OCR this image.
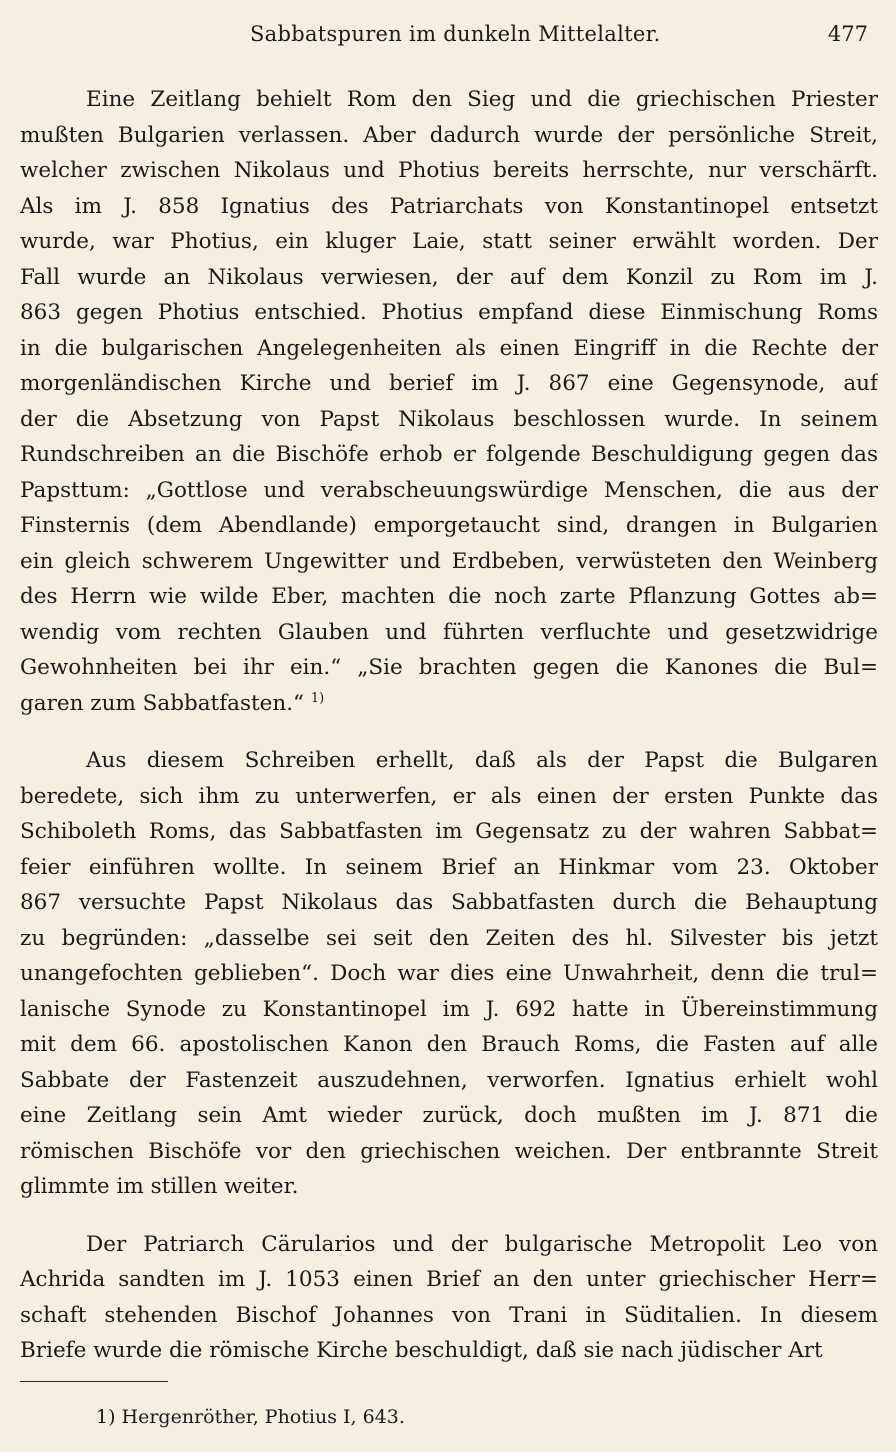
Sabbatspuren im dunkeln Mittelalter.	477
Eine Zeitlang behielt Rom den Sieg und die griechischen Priester
mußten Bulgarien verlassen. Aber dadurch wurde der persönliche Streit,
welcher zwischen Nikolaus und Photius bereits herrschte, nur verschärft.
Als im J. 858 Ignatius des Patriarchats von Konstantinopel entsetzt
wurde, war Photius, ein kluger Laie, statt seiner erwählt worden. Der
Fall wurde an Nikolaus verwiesen, der auf dem Konzil zu Rom im J.
863 gegen Photius entschied. Photius empfand diese Einmischung Roms
in die bulgarischen Angelegenheiten als einen Eingriff in die Rechte der
morgenländischen Kirche und berief im J. 867 eine Gegensynode, auf
der die Absetzung von Papst Nikolaus beschlossen wurde. In seinem
Rundschreiben an die Bischöfe erhob er folgende Beschuldigung gegen das
Papsttum: „Gottlose und verabscheuungswürdige Menschen, die aus der
Finsternis (dem Abendlande) emporgetaucht sind, drangen in Bulgarien
ein gleich schwerem Ungewitter und Erdbeben, verwüsteten den Weinberg
des Herrn wie wilde Eber, machten die noch zarte Pflanzung Gottes ab=
wendig vom rechten Glauben und führten verfluchte und gesetzwidrige
Gewohnheiten bei ihr ein.“ „Sie brachten gegen die Kanones die Bul=
garen zum Sabbatfasten.“ $^{1)}$
Aus diesem Schreiben erhellt, daß als der Papst die Bulgaren
beredete, sich ihm zu unterwerfen, er als einen der ersten Punkte das
Schiboleth Roms, das Sabbatfasten im Gegensatz zu der wahren Sabbat=
feier einführen wollte. In seinem Brief an Hinkmar vom 23. Oktober
867 versuchte Papst Nikolaus das Sabbatfasten durch die Behauptung
zu begründen: „dasselbe sei seit den Zeiten des hl. Silvester bis jetzt
unangefochten geblieben“. Doch war dies eine Unwahrheit, denn die trul=
lanische Synode zu Konstantinopel im J. 692 hatte in Übereinstimmung
mit dem 66. apostolischen Kanon den Brauch Roms, die Fasten auf alle
Sabbate der Fastenzeit auszudehnen, verworfen. Ignatius erhielt wohl
eine Zeitlang sein Amt wieder zurück, doch mußten im J. 871 die
römischen Bischöfe vor den griechischen weichen. Der entbrannte Streit
glimmte im stillen weiter.
Der Patriarch Cärularios und der bulgarische Metropolit Leo von
Achrida sandten im J. 1053 einen Brief an den unter griechischer Herr=
schaft stehenden Bischof Johannes von Trani in Süditalien. In diesem
Briefe wurde die römische Kirche beschuldigt, daß sie nach jüdischer Art
1) Hergenröther, Photius I, 643.
